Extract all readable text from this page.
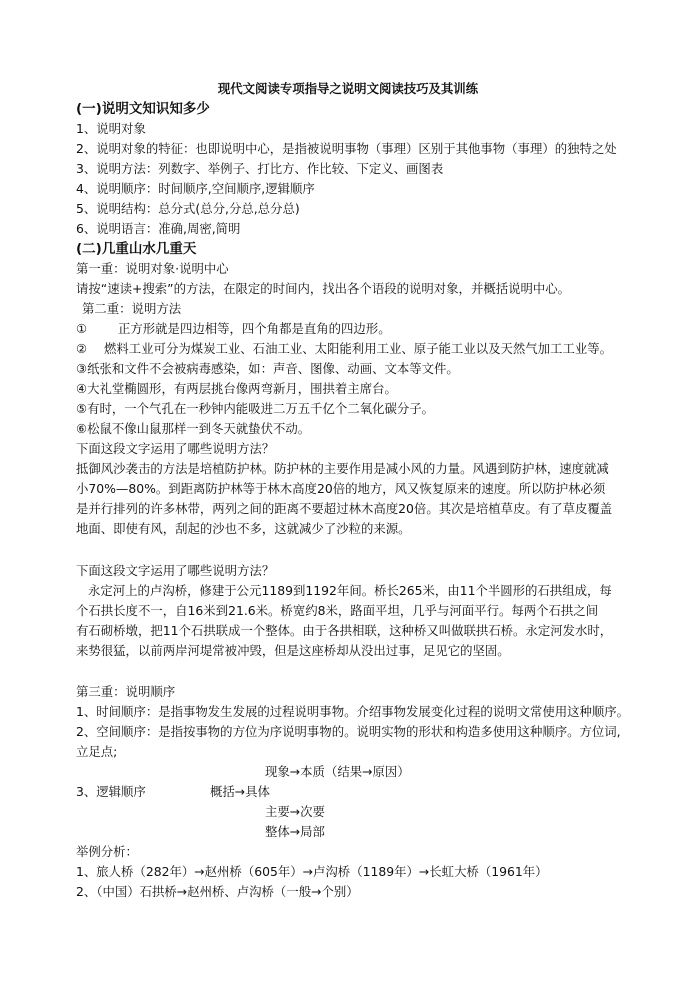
现代文阅读专项指导之说明文阅读技巧及其训练
(一)说明文知识知多少
1、说明对象
2、说明对象的特征：也即说明中心，是指被说明事物（事理）区别于其他事物（事理）的独特之处
3、说明方法：列数字、举例子、打比方、作比较、下定义、画图表
4、说明顺序：时间顺序,空间顺序,逻辑顺序
5、说明结构：总分式(总分,分总,总分总)
6、说明语言：准确,周密,简明
(二)几重山水几重天
第一重：说明对象·说明中心
请按“速读+搜索”的方法，在限定的时间内，找出各个语段的说明对象，并概括说明中心。
第二重：说明方法
① 正方形就是四边相等，四个角都是直角的四边形。
② 燃料工业可分为煤炭工业、石油工业、太阳能利用工业、原子能工业以及天然气加工工业等。
③纸张和文件不会被病毒感染，如：声音、图像、动画、文本等文件。
④大礼堂椭圆形，有两层挑台像两弯新月，围拱着主席台。
⑤有时，一个气孔在一秒钟内能吸进二万五千亿个二氧化碳分子。
⑥松鼠不像山鼠那样一到冬天就蛰伏不动。
下面这段文字运用了哪些说明方法？
抵御风沙袭击的方法是培植防护林。防护林的主要作用是减小风的力量。风遇到防护林，速度就减
小70%—80%。到距离防护林等于林木高度20倍的地方，风又恢复原来的速度。所以防护林必须
是并行排列的许多林带，两列之间的距离不要超过林木高度20倍。其次是培植草皮。有了草皮覆盖
地面、即使有风，刮起的沙也不多，这就减少了沙粒的来源。
下面这段文字运用了哪些说明方法？
永定河上的卢沟桥，修建于公元1189到1192年间。桥长265米，由11个半圆形的石拱组成，每
个石拱长度不一，自16米到21.6米。桥宽约8米，路面平坦，几乎与河面平行。每两个石拱之间
有石砌桥墩，把11个石拱联成一个整体。由于各拱相联，这种桥又叫做联拱石桥。永定河发水时，
来势很猛，以前两岸河堤常被冲毁，但是这座桥却从没出过事，足见它的坚固。
第三重：说明顺序
1、时间顺序：是指事物发生发展的过程说明事物。介绍事物发展变化过程的说明文常使用这种顺序。
2、空间顺序：是指按事物的方位为序说明事物的。说明实物的形状和构造多使用这种顺序。方位词,
立足点;
现象→本质（结果→原因）
3、逻辑顺序	概括→具体
主要→次要
整体→局部
举例分析：
1、旅人桥（282年）→赵州桥（605年）→卢沟桥（1189年）→长虹大桥（1961年）
2、（中国）石拱桥→赵州桥、卢沟桥（一般→个别）
